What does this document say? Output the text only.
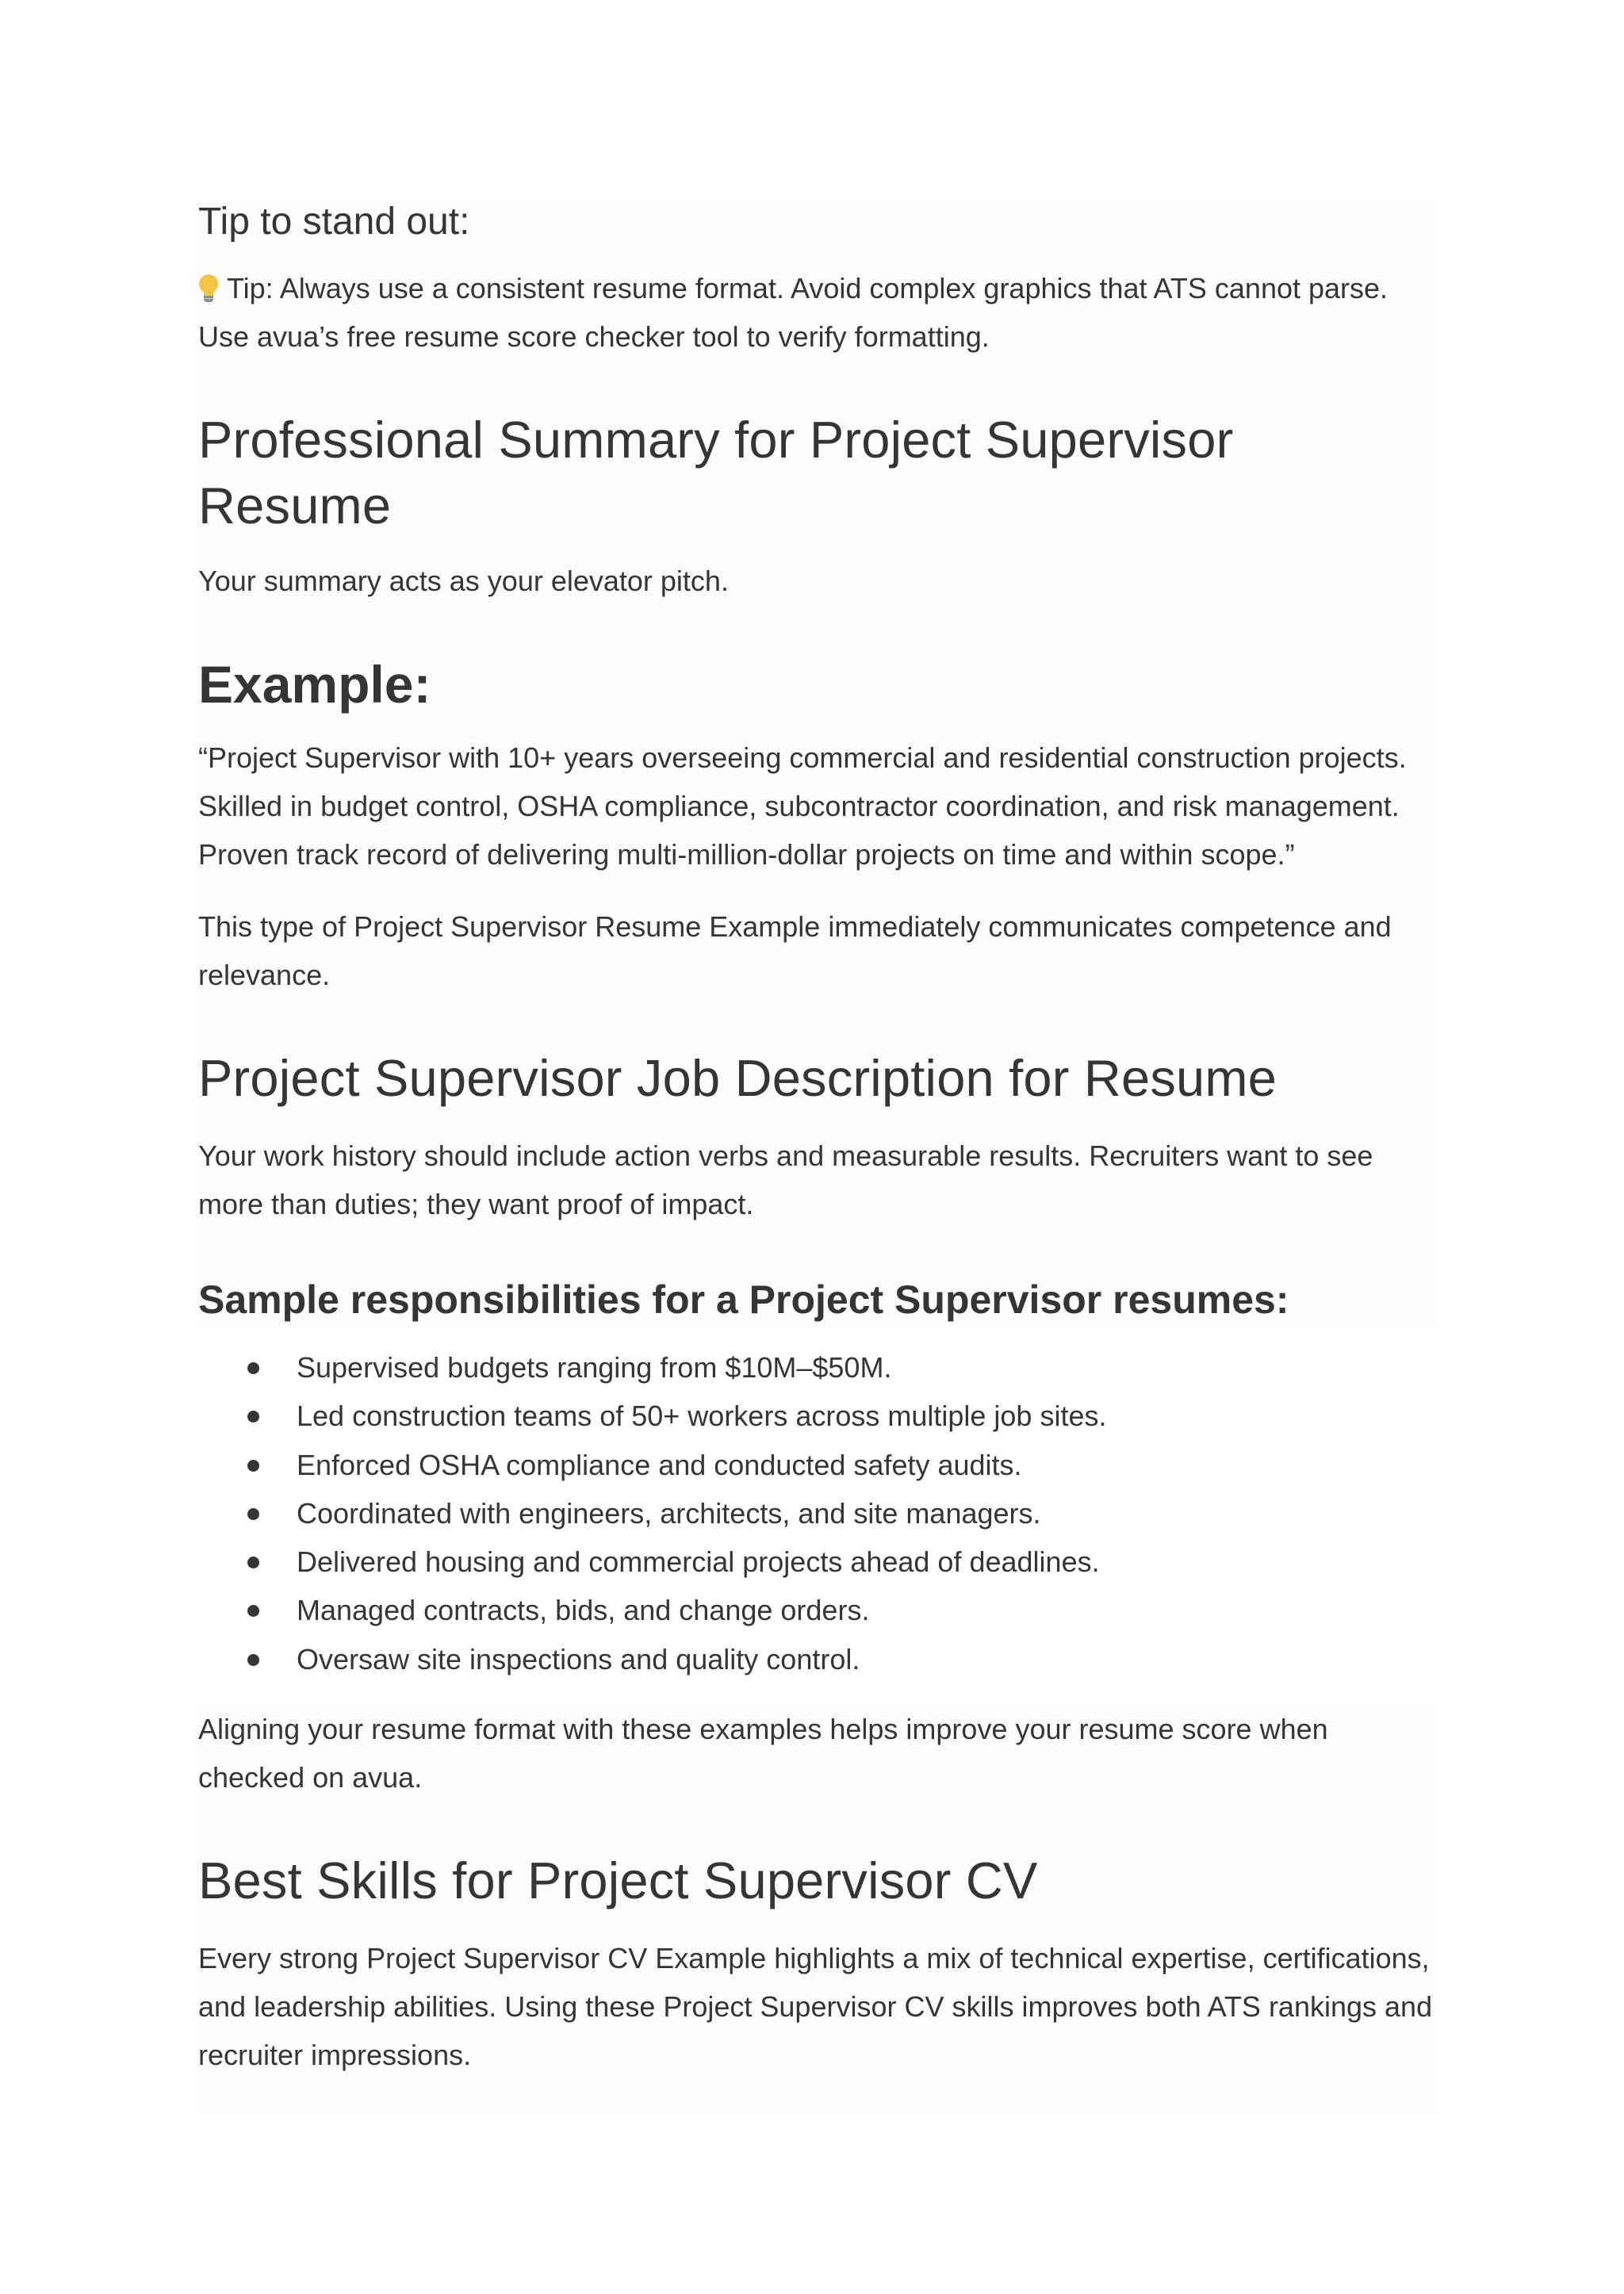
Tip to stand out:

Tip: Always use a consistent resume format. Avoid complex graphics that ATS cannot parse. Use avua’s free resume score checker tool to verify formatting.

Professional Summary for Project Supervisor Resume

Your summary acts as your elevator pitch.

Example:

“Project Supervisor with 10+ years overseeing commercial and residential construction projects. Skilled in budget control, OSHA compliance, subcontractor coordination, and risk management. Proven track record of delivering multi-million-dollar projects on time and within scope.”

This type of Project Supervisor Resume Example immediately communicates competence and relevance.

Project Supervisor Job Description for Resume

Your work history should include action verbs and measurable results. Recruiters want to see more than duties; they want proof of impact.

Sample responsibilities for a Project Supervisor resumes:
Supervised budgets ranging from $10M–$50M.
Led construction teams of 50+ workers across multiple job sites.
Enforced OSHA compliance and conducted safety audits.
Coordinated with engineers, architects, and site managers.
Delivered housing and commercial projects ahead of deadlines.
Managed contracts, bids, and change orders.
Oversaw site inspections and quality control.

Aligning your resume format with these examples helps improve your resume score when checked on avua.

Best Skills for Project Supervisor CV

Every strong Project Supervisor CV Example highlights a mix of technical expertise, certifications, and leadership abilities. Using these Project Supervisor CV skills improves both ATS rankings and recruiter impressions.
